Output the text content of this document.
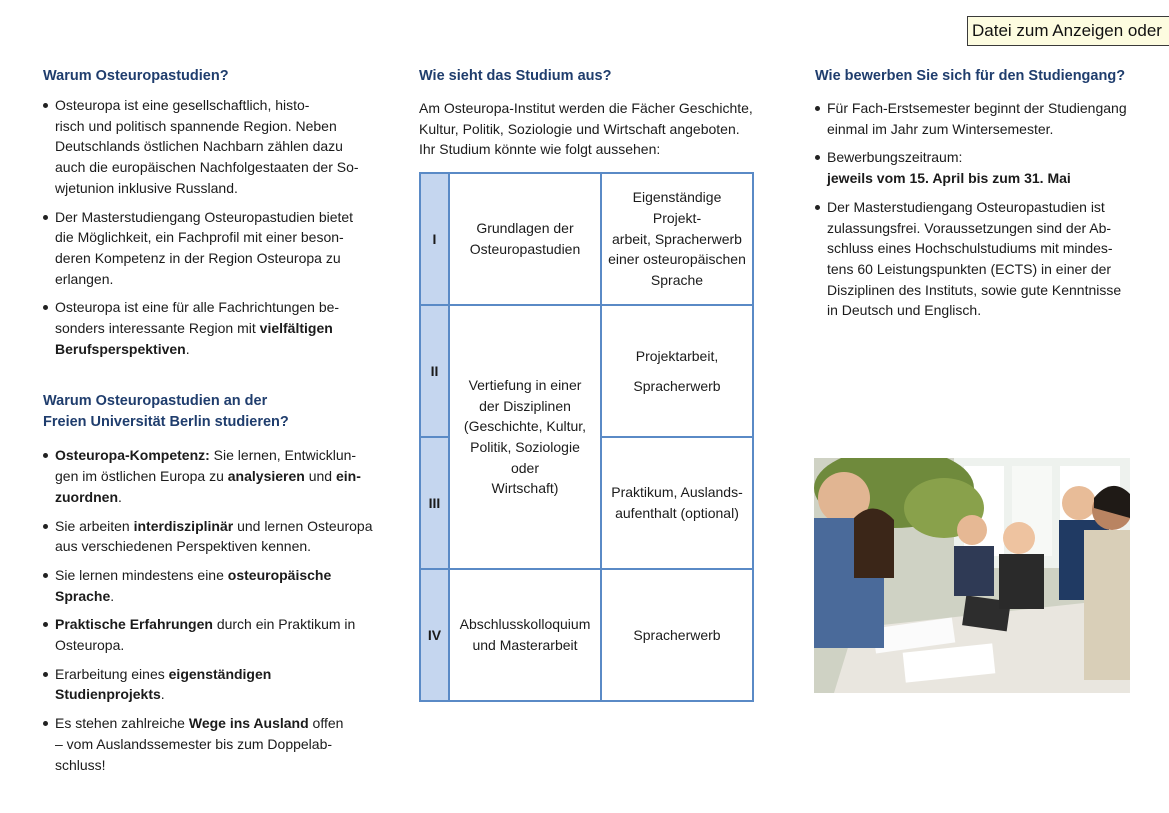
Datei zum Anzeigen oder
Warum Osteuropastudien?
Osteuropa ist eine gesellschaftlich, histo-
risch und politisch spannende Region. Neben
Deutschlands östlichen Nachbarn zählen dazu
auch die europäischen Nachfolgestaaten der So-
wjetunion inklusive Russland.
Der Masterstudiengang Osteuropastudien bietet
die Möglichkeit, ein Fachprofil mit einer beson-
deren Kompetenz in der Region Osteuropa zu
erlangen.
Osteuropa ist eine für alle Fachrichtungen be-
sonders interessante Region mit vielfältigen
Berufsperspektiven.
Warum Osteuropastudien an der
Freien Universität Berlin studieren?
Osteuropa-Kompetenz: Sie lernen, Entwicklun-
gen im östlichen Europa zu analysieren und ein-
zuordnen.
Sie arbeiten interdisziplinär und lernen Osteuropa
aus verschiedenen Perspektiven kennen.
Sie lernen mindestens eine osteuropäische
Sprache.
Praktische Erfahrungen durch ein Praktikum in
Osteuropa.
Erarbeitung eines eigenständigen Studienprojekts.
Es stehen zahlreiche Wege ins Ausland offen
– vom Auslandssemester bis zum Doppelab-
schluss!
Wie sieht das Studium aus?

Am Osteuropa-Institut werden die Fächer Geschichte,
Kultur, Politik, Soziologie und Wirtschaft angeboten.
Ihr Studium könnte wie folgt aussehen:

I	Grundlagen der
Osteuropastudien	Eigenständige Projekt-
arbeit, Spracherwerb
einer osteuropäischen
Sprache
II	Vertiefung in einer
der Disziplinen
(Geschichte, Kultur,
Politik, Soziologie oder
Wirtschaft)	Projektarbeit,
Spracherwerb
III		Praktikum, Auslands-
aufenthalt (optional)
IV	Abschlusskolloquium
und Masterarbeit	Spracherwerb
Wie bewerben Sie sich für den Studiengang?
Für Fach-Erstsemester beginnt der Studiengang
einmal im Jahr zum Wintersemester.
Bewerbungszeitraum:
jeweils vom 15. April bis zum 31. Mai
Der Masterstudiengang Osteuropastudien ist
zulassungsfrei. Voraussetzungen sind der Ab-
schluss eines Hochschulstudiums mit mindes-
tens 60 Leistungspunkten (ECTS) in einer der
Disziplinen des Instituts, sowie gute Kenntnisse
in Deutsch und Englisch.
